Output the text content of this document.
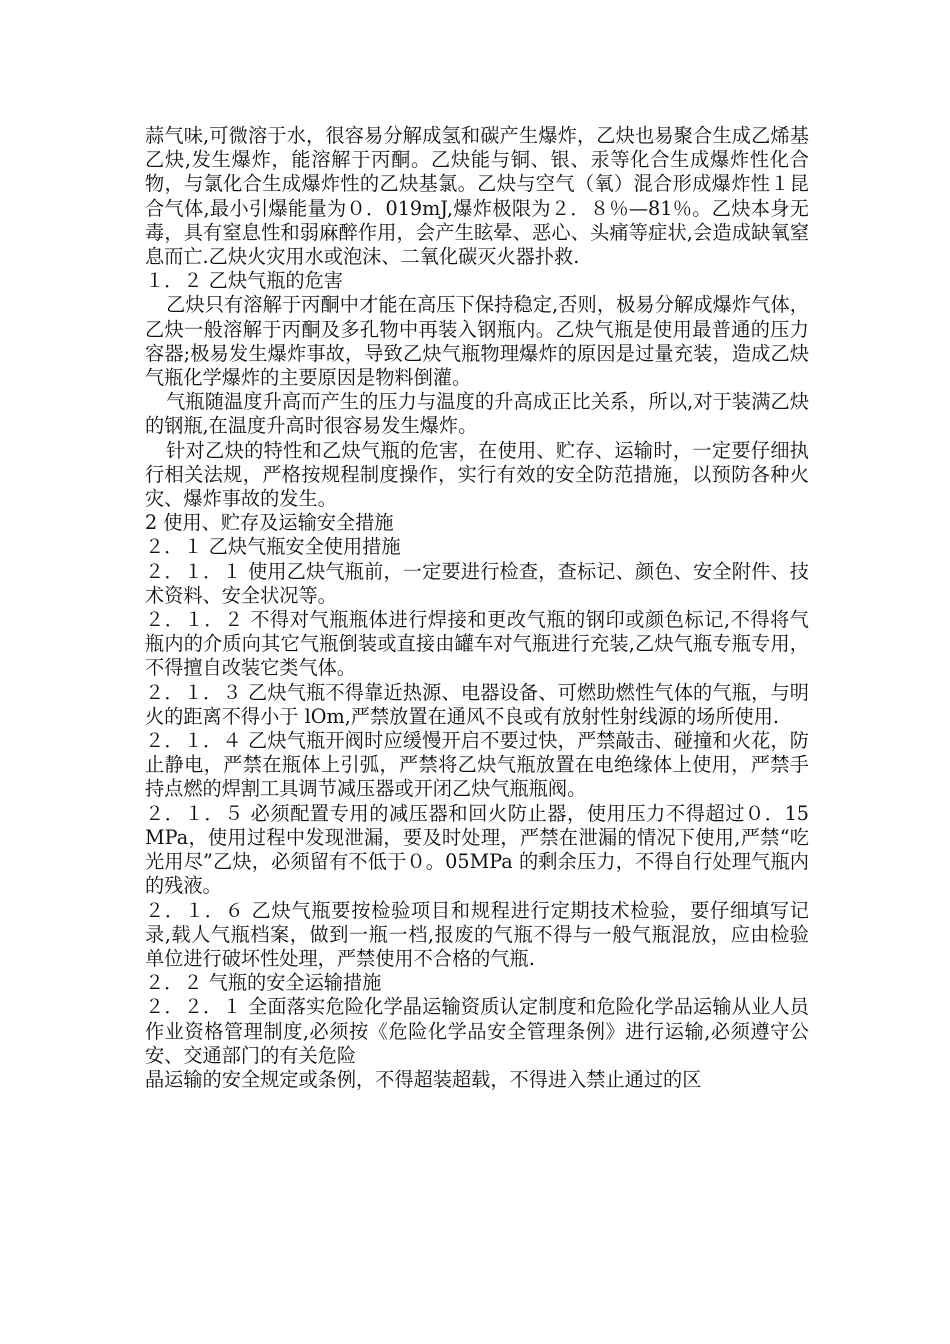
蒜气味,可微溶于水，很容易分解成氢和碳产生爆炸，乙炔也易聚合生成乙烯基乙炔,发生爆炸，能溶解于丙酮。乙炔能与铜、银、汞等化合生成爆炸性化合物，与氯化合生成爆炸性的乙炔基氯。乙炔与空气（氧）混合形成爆炸性１昆合气体,最小引爆能量为０．019mJ,爆炸极限为２．８％—81％。乙炔本身无毒，具有窒息性和弱麻醉作用，会产生眩晕、恶心、头痛等症状,会造成缺氧窒息而亡.乙炔火灾用水或泡沫、二氧化碳灭火器扑救.

１．２ 乙炔气瓶的危害

乙炔只有溶解于丙酮中才能在高压下保持稳定,否则，极易分解成爆炸气体，乙炔一般溶解于丙酮及多孔物中再装入钢瓶内。乙炔气瓶是使用最普通的压力容器;极易发生爆炸事故，导致乙炔气瓶物理爆炸的原因是过量充装，造成乙炔气瓶化学爆炸的主要原因是物料倒灌。

气瓶随温度升高而产生的压力与温度的升高成正比关系，所以,对于装满乙炔的钢瓶,在温度升高时很容易发生爆炸。

针对乙炔的特性和乙炔气瓶的危害，在使用、贮存、运输时，一定要仔细执行相关法规，严格按规程制度操作，实行有效的安全防范措施，以预防各种火灾、爆炸事故的发生。

2 使用、贮存及运输安全措施

２．１ 乙炔气瓶安全使用措施

２．１．１ 使用乙炔气瓶前，一定要进行检查，查标记、颜色、安全附件、技术资料、安全状况等。

２．１．２ 不得对气瓶瓶体进行焊接和更改气瓶的钢印或颜色标记,不得将气瓶内的介质向其它气瓶倒装或直接由罐车对气瓶进行充装,乙炔气瓶专瓶专用，不得擅自改装它类气体。

２．１．３ 乙炔气瓶不得靠近热源、电器设备、可燃助燃性气体的气瓶，与明火的距离不得小于 lOm,严禁放置在通风不良或有放射性射线源的场所使用.

２．１．４ 乙炔气瓶开阀时应缓慢开启不要过快，严禁敲击、碰撞和火花，防止静电，严禁在瓶体上引弧，严禁将乙炔气瓶放置在电绝缘体上使用，严禁手持点燃的焊割工具调节减压器或开闭乙炔气瓶瓶阀。

２．１．５ 必须配置专用的减压器和回火防止器，使用压力不得超过０．15MPa，使用过程中发现泄漏，要及时处理，严禁在泄漏的情况下使用,严禁“吃光用尽”乙炔，必须留有不低于０。05MPa 的剩余压力，不得自行处理气瓶内的残液。

２．１．６ 乙炔气瓶要按检验项目和规程进行定期技术检验，要仔细填写记录,载人气瓶档案，做到一瓶一档,报废的气瓶不得与一般气瓶混放，应由检验单位进行破坏性处理，严禁使用不合格的气瓶.

２．２ 气瓶的安全运输措施

２．２．１ 全面落实危险化学晶运输资质认定制度和危险化学品运输从业人员作业资格管理制度,必须按《危险化学品安全管理条例》进行运输,必须遵守公安、交通部门的有关危险

晶运输的安全规定或条例，不得超装超载，不得进入禁止通过的区
